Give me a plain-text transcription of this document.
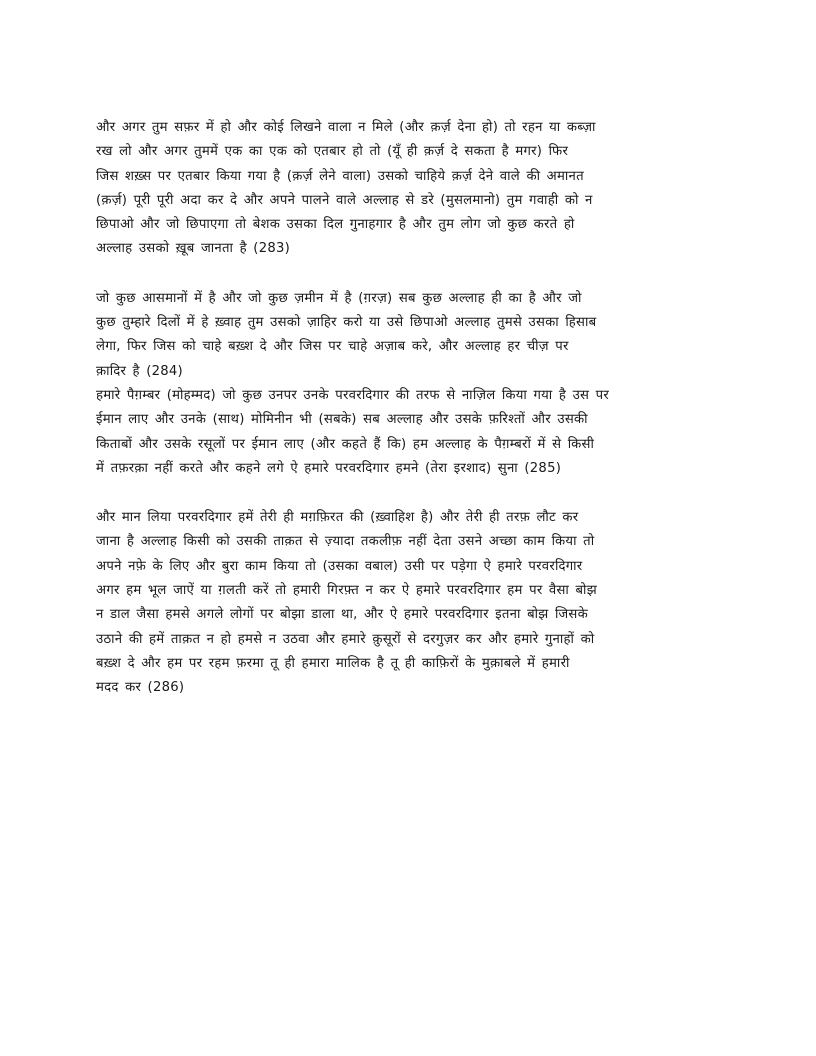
और अगर तुम सफ़र में हो और कोई लिखने वाला न मिले (और क़र्ज़ देना हो) तो रहन या कब्ज़ा
रख लो और अगर तुममें एक का एक को एतबार हो तो (यूँ ही क़र्ज़ दे सकता है मगर) फिर
जिस शख़्स पर एतबार किया गया है (क़र्ज़ लेने वाला) उसको चाहिये क़र्ज़ देने वाले की अमानत
(क़र्ज़) पूरी पूरी अदा कर दे और अपने पालने वाले अल्लाह से डरे (मुसलमानो) तुम गवाही को न
छिपाओ और जो छिपाएगा तो बेशक उसका दिल गुनाहगार है और तुम लोग जो कुछ करते हो
अल्लाह उसको ख़ूब जानता है (283)
जो कुछ आसमानों में है और जो कुछ ज़मीन में है (ग़रज़) सब कुछ अल्लाह ही का है और जो
कुछ तुम्हारे दिलों में हे ख़्वाह तुम उसको ज़ाहिर करो या उसे छिपाओ अल्लाह तुमसे उसका हिसाब
लेगा, फिर जिस को चाहे बख़्श दे और जिस पर चाहे अज़ाब करे, और अल्लाह हर चीज़ पर
क़ादिर है (284)
हमारे पैग़म्बर (मोहम्मद) जो कुछ उनपर उनके परवरदिगार की तरफ से नाज़िल किया गया है उस पर
ईमान लाए और उनके (साथ) मोमिनीन भी (सबके) सब अल्लाह और उसके फ़रिश्तों और उसकी
किताबों और उसके रसूलों पर ईमान लाए (और कहते हैं कि) हम अल्लाह के पैग़म्बरों में से किसी
में तफ़रक़ा नहीं करते और कहने लगे ऐ हमारे परवरदिगार हमने (तेरा इरशाद) सुना (285)
और मान लिया परवरदिगार हमें तेरी ही मग़फ़िरत की (ख़्वाहिश है) और तेरी ही तरफ़ लौट कर
जाना है अल्लाह किसी को उसकी ताक़त से ज़्यादा तकलीफ़ नहीं देता उसने अच्छा काम किया तो
अपने नफ़े के लिए और बुरा काम किया तो (उसका वबाल) उसी पर पड़ेगा ऐ हमारे परवरदिगार
अगर हम भूल जाऐं या ग़लती करें तो हमारी गिरफ़्त न कर ऐ हमारे परवरदिगार हम पर वैसा बोझ
न डाल जैसा हमसे अगले लोगों पर बोझा डाला था, और ऐ हमारे परवरदिगार इतना बोझ जिसके
उठाने की हमें ताक़त न हो हमसे न उठवा और हमारे क़ुसूरों से दरगुज़र कर और हमारे गुनाहों को
बख़्श दे और हम पर रहम फ़रमा तू ही हमारा मालिक है तू ही काफ़िरों के मुक़ाबले में हमारी
मदद कर (286)
